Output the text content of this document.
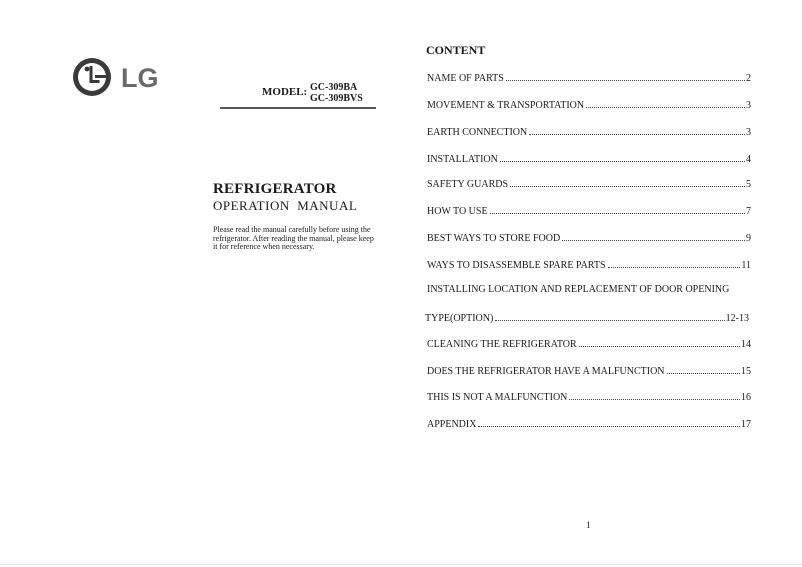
LG	MODEL: GC-309BA
GC-309BVS
REFRIGERATOR
OPERATION  MANUAL
Please read the manual carefully before using the refrigerator. After reading the manual, please keep it for reference when necessary.
CONTENT
NAME OF PARTS	2
MOVEMENT & TRANSPORTATION	3
EARTH CONNECTION	3
INSTALLATION	4
SAFETY GUARDS	5
HOW TO USE	7
BEST WAYS TO STORE FOOD	9
WAYS TO DISASSEMBLE SPARE PARTS	11
INSTALLING LOCATION AND REPLACEMENT OF DOOR OPENING
TYPE(OPTION)	12-13
CLEANING THE REFRIGERATOR	14
DOES THE REFRIGERATOR HAVE A MALFUNCTION	15
THIS IS NOT A MALFUNCTION	16
APPENDIX	17
1
